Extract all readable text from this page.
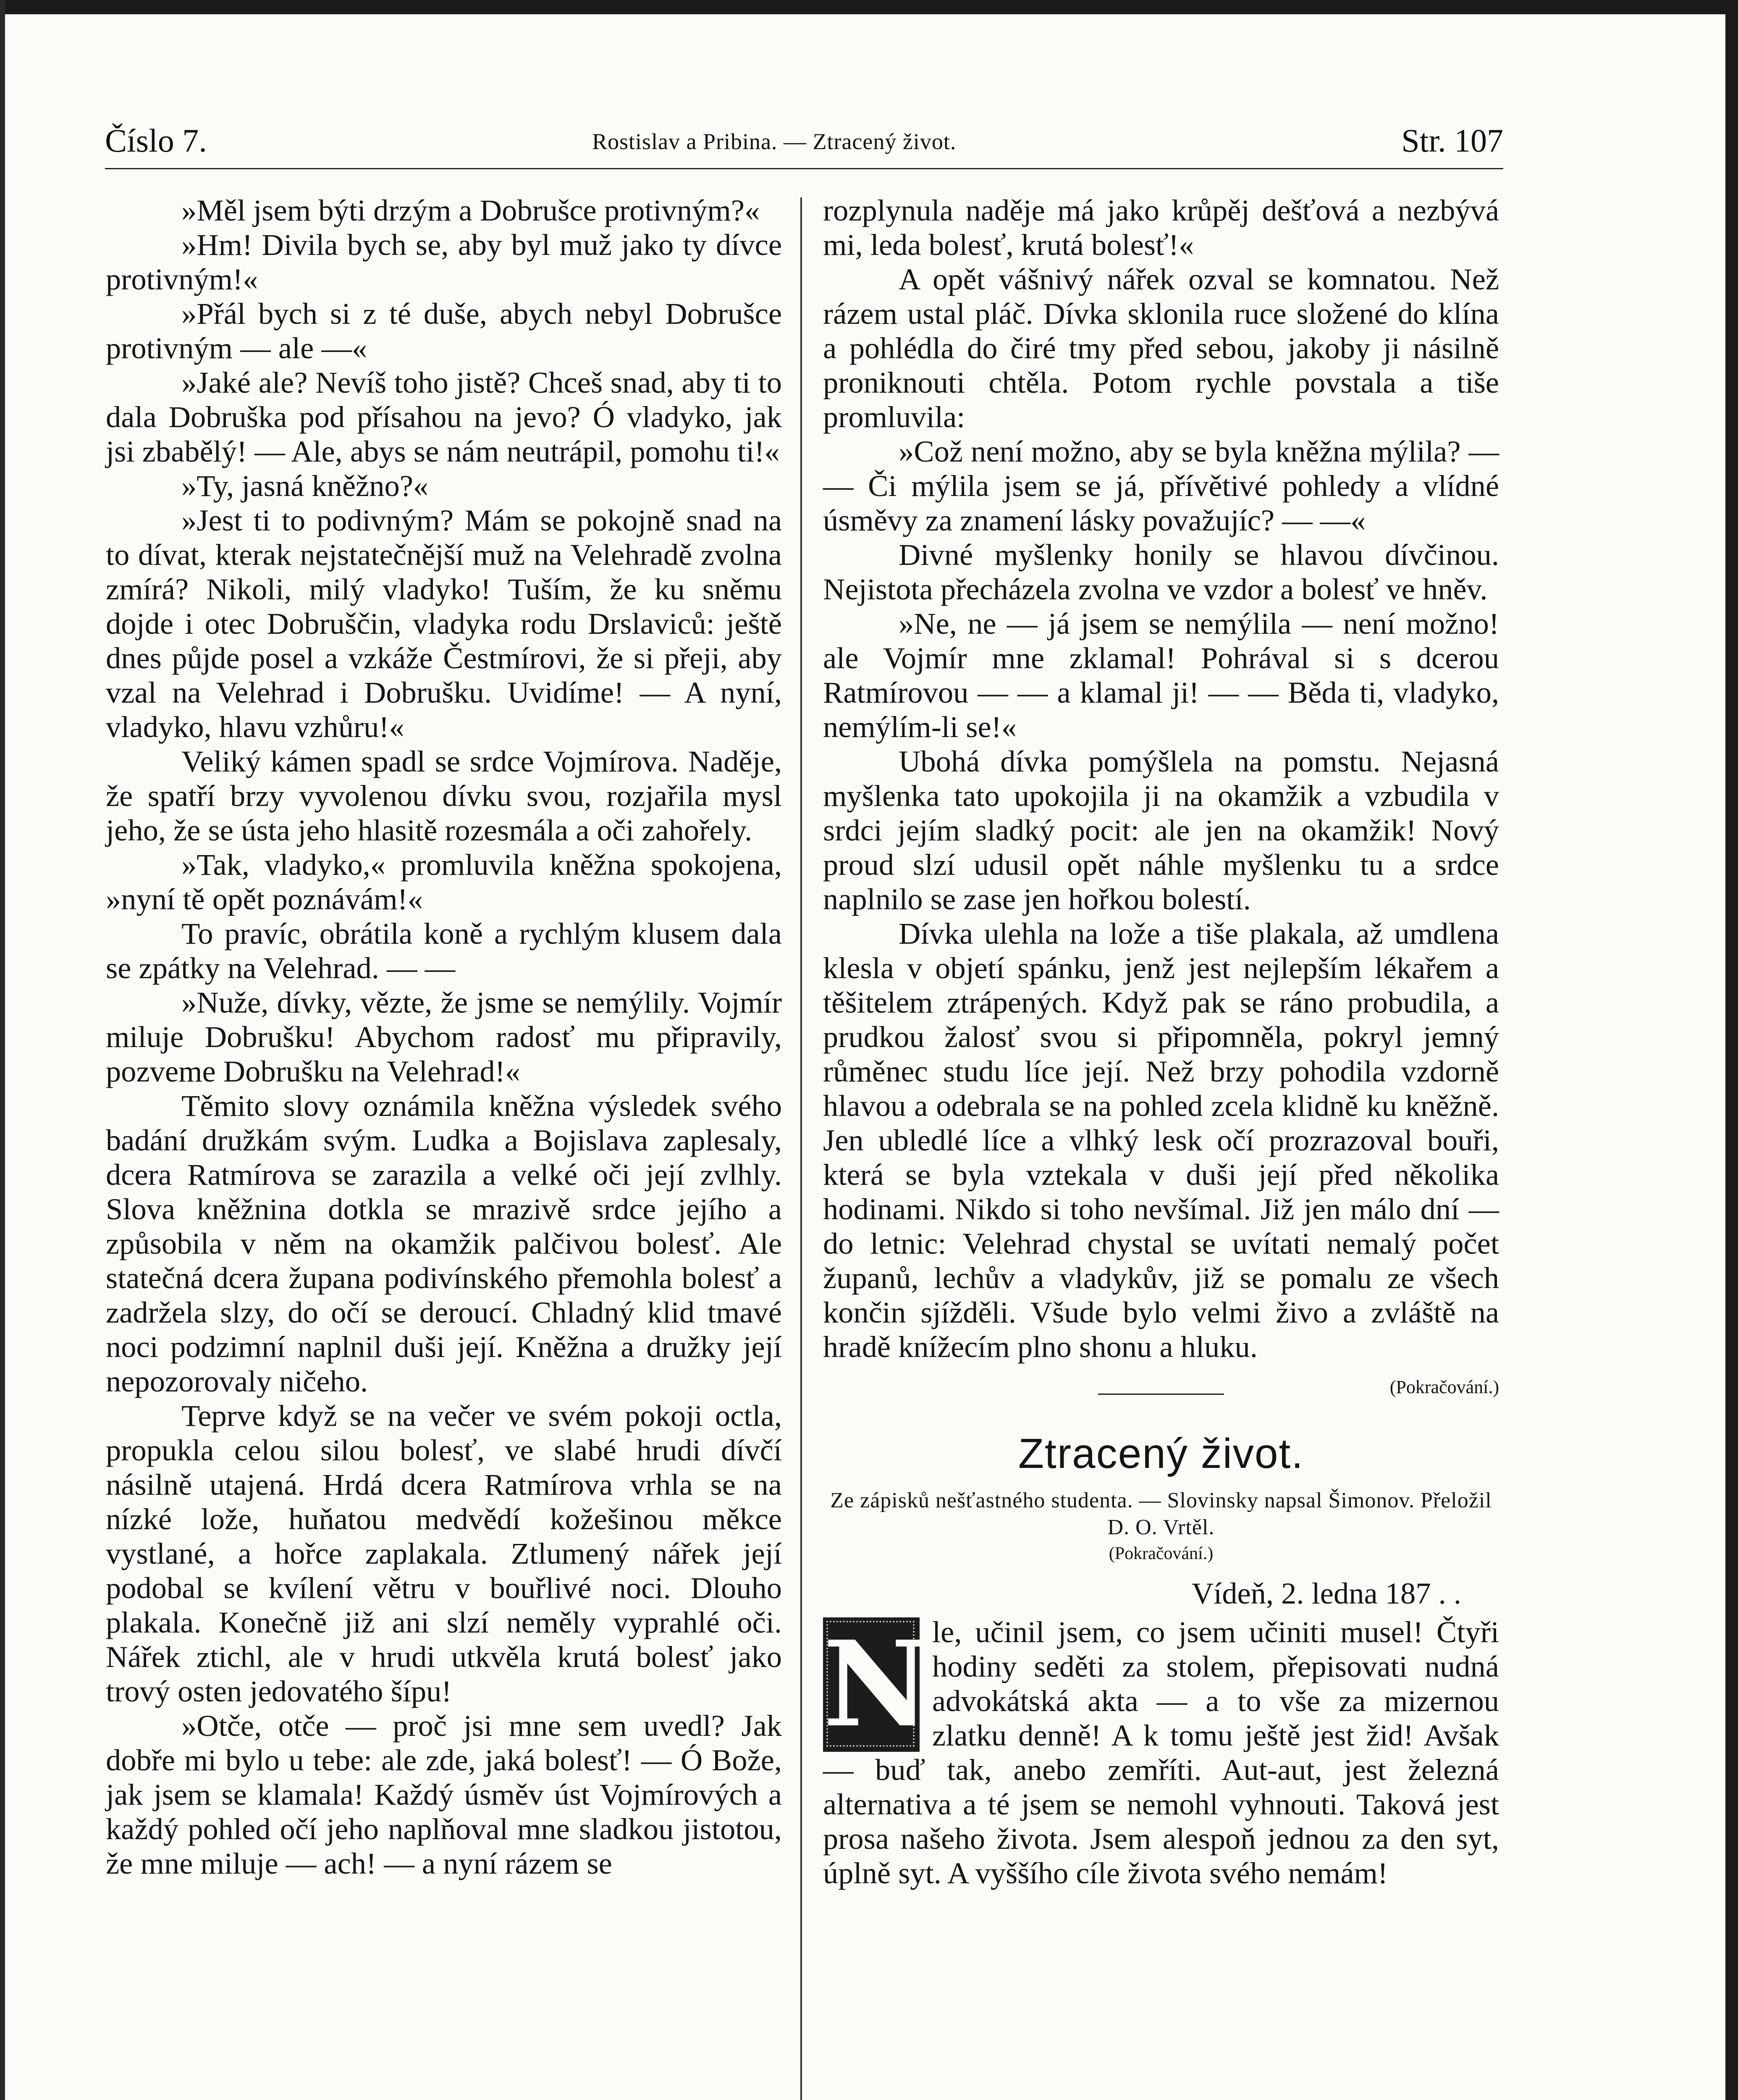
Číslo 7.	Rostislav a Pribina. — Ztracený život.	Str. 107

»Měl jsem býti drzým a Dobrušce protivným?«

»Hm! Divila bych se, aby byl muž jako ty dívce protivným!«

»Přál bych si z té duše, abych nebyl Dobrušce protivným — ale —«

»Jaké ale? Nevíš toho jistě? Chceš snad, aby ti to dala Dobruška pod přísahou na jevo? Ó vladyko, jak jsi zbabělý! — Ale, abys se nám neutrápil, pomohu ti!«

»Ty, jasná kněžno?«

»Jest ti to podivným? Mám se pokojně snad na to dívat, kterak nejstatečnější muž na Velehradě zvolna zmírá? Nikoli, milý vladyko! Tuším, že ku sněmu dojde i otec Dobruščin, vladyka rodu Drslaviců: ještě dnes půjde posel a vzkáže Čestmírovi, že si přeji, aby vzal na Velehrad i Dobrušku. Uvidíme! — A nyní, vladyko, hlavu vzhůru!«

Veliký kámen spadl se srdce Vojmírova. Naděje, že spatří brzy vyvolenou dívku svou, rozjařila mysl jeho, že se ústa jeho hlasitě rozesmála a oči zahořely.

»Tak, vladyko,« promluvila kněžna spokojena, »nyní tě opět poznávám!«

To pravíc, obrátila koně a rychlým klusem dala se zpátky na Velehrad. — —

»Nuže, dívky, vězte, že jsme se nemýlily. Vojmír miluje Dobrušku! Abychom radosť mu připravily, pozveme Dobrušku na Velehrad!«

Těmito slovy oznámila kněžna výsledek svého badání družkám svým. Ludka a Bojislava zaplesaly, dcera Ratmírova se zarazila a velké oči její zvlhly. Slova kněžnina dotkla se mrazivě srdce jejího a způsobila v něm na okamžik palčivou bolesť. Ale statečná dcera župana podivínského přemohla bolesť a zadržela slzy, do očí se deroucí. Chladný klid tmavé noci podzimní naplnil duši její. Kněžna a družky její nepozorovaly ničeho.

Teprve když se na večer ve svém pokoji octla, propukla celou silou bolesť, ve slabé hrudi dívčí násilně utajená. Hrdá dcera Ratmírova vrhla se na nízké lože, huňatou medvědí kožešinou měkce vystlané, a hořce zaplakala. Ztlumený nářek její podobal se kvílení větru v bouřlivé noci. Dlouho plakala. Konečně již ani slzí neměly vyprahlé oči. Nářek ztichl, ale v hrudi utkvěla krutá bolesť jako trový osten jedovatého šípu!

»Otče, otče — proč jsi mne sem uvedl? Jak dobře mi bylo u tebe: ale zde, jaká bolesť! — Ó Bože, jak jsem se klamala! Každý úsměv úst Vojmírových a každý pohled očí jeho naplňoval mne sladkou jistotou, že mne miluje — ach! — a nyní rázem se

rozplynula naděje má jako krůpěj dešťová a nezbývá mi, leda bolesť, krutá bolesť!«

A opět vášnivý nářek ozval se komnatou. Než rázem ustal pláč. Dívka sklonila ruce složené do klína a pohlédla do čiré tmy před sebou, jakoby ji násilně proniknouti chtěla. Potom rychle povstala a tiše promluvila:

»Což není možno, aby se byla kněžna mýlila? — — Či mýlila jsem se já, přívětivé pohledy a vlídné úsměvy za znamení lásky považujíc? — —«

Divné myšlenky honily se hlavou dívčinou. Nejistota přecházela zvolna ve vzdor a bolesť ve hněv.

»Ne, ne — já jsem se nemýlila — není možno! ale Vojmír mne zklamal! Pohrával si s dcerou Ratmírovou — — a klamal ji! — — Běda ti, vladyko, nemýlím-li se!«

Ubohá dívka pomýšlela na pomstu. Nejasná myšlenka tato upokojila ji na okamžik a vzbudila v srdci jejím sladký pocit: ale jen na okamžik! Nový proud slzí udusil opět náhle myšlenku tu a srdce naplnilo se zase jen hořkou bolestí.

Dívka ulehla na lože a tiše plakala, až umdlena klesla v objetí spánku, jenž jest nejlepším lékařem a těšitelem ztrápených. Když pak se ráno probudila, a prudkou žalosť svou si připomněla, pokryl jemný růměnec studu líce její. Než brzy pohodila vzdorně hlavou a odebrala se na pohled zcela klidně ku kněžně. Jen ubledlé líce a vlhký lesk očí prozrazoval bouři, která se byla vztekala v duši její před několika hodinami. Nikdo si toho nevšímal. Již jen málo dní — do letnic: Velehrad chystal se uvítati nemalý počet županů, lechův a vladykův, již se pomalu ze všech končin sjížděli. Všude bylo velmi živo a zvláště na hradě knížecím plno shonu a hluku.

(Pokračování.)
Ztracený život.
Ze zápisků nešťastného studenta. — Slovinsky napsal Šimonov. Přeložil D. O. Vrtěl.
(Pokračování.)
Vídeň, 2. ledna 187 . .
N le, učinil jsem, co jsem učiniti musel! Čtyři hodiny seděti za stolem, přepisovati nudná advokátská akta — a to vše za mizernou zlatku denně! A k tomu ještě jest žid! Avšak — buď tak, anebo zemříti. Aut-aut, jest železná alternativa a té jsem se nemohl vyhnouti. Taková jest prosa našeho života. Jsem alespoň jednou za den syt, úplně syt. A vyššího cíle života svého nemám!
